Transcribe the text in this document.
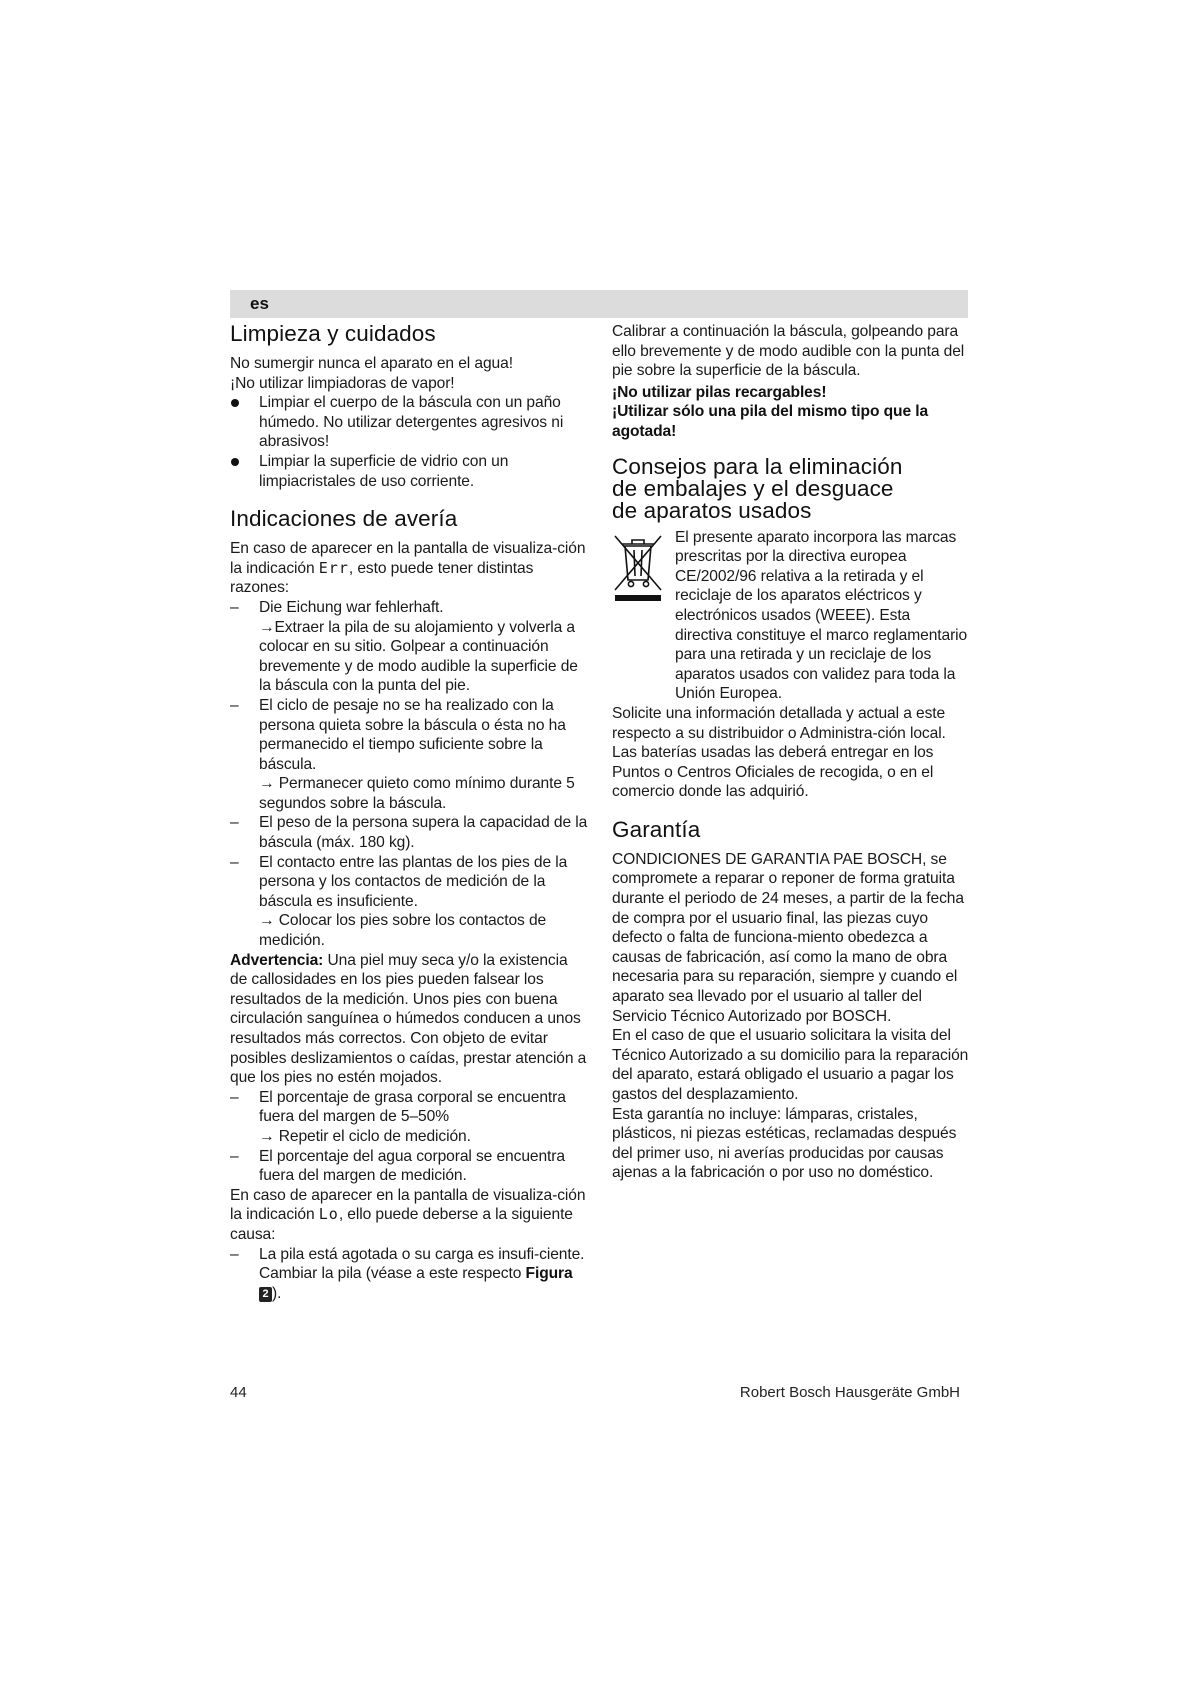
es
Limpieza y cuidados

No sumergir nunca el aparato en el agua!

¡No utilizar limpiadoras de vapor!

Limpiar el cuerpo de la báscula con un paño húmedo. No utilizar detergentes agresivos ni abrasivos!
Limpiar la superficie de vidrio con un limpiacristales de uso corriente.
Indicaciones de avería

En caso de aparecer en la pantalla de visualiza-ción la indicación Err, esto puede tener distintas razones:

– Die Eichung war fehlerhaft.
→Extraer la pila de su alojamiento y volverla a colocar en su sitio. Golpear a continuación brevemente y de modo audible la superficie de la báscula con la punta del pie.
– El ciclo de pesaje no se ha realizado con la persona quieta sobre la báscula o ésta no ha permanecido el tiempo suficiente sobre la báscula.
→ Permanecer quieto como mínimo durante 5 segundos sobre la báscula.
– El peso de la persona supera la capacidad de la báscula (máx. 180 kg).
– El contacto entre las plantas de los pies de la persona y los contactos de medición de la báscula es insuficiente.
→ Colocar los pies sobre los contactos de medición.

Advertencia: Una piel muy seca y/o la existencia de callosidades en los pies pueden falsear los resultados de la medición. Unos pies con buena circulación sanguínea o húmedos conducen a unos resultados más correctos. Con objeto de evitar posibles deslizamientos o caídas, prestar atención a que los pies no estén mojados.

– El porcentaje de grasa corporal se encuentra fuera del margen de 5–50%
→ Repetir el ciclo de medición.
– El porcentaje del agua corporal se encuentra fuera del margen de medición.

En caso de aparecer en la pantalla de visualiza-ción la indicación Lo, ello puede deberse a la siguiente causa:

– La pila está agotada o su carga es insufi-ciente. Cambiar la pila (véase a este respecto Figura 2 ).

Calibrar a continuación la báscula, golpeando para ello brevemente y de modo audible con la punta del pie sobre la superficie de la báscula.

¡No utilizar pilas recargables!

¡Utilizar sólo una pila del mismo tipo que la agotada!

Consejos para la eliminación
de embalajes y el desguace
de aparatos usados

El presente aparato incorpora las marcas prescritas por la directiva europea CE/2002/96 relativa a la retirada y el reciclaje de los aparatos eléctricos y electrónicos usados (WEEE). Esta directiva constituye el marco reglamentario para una retirada y un reciclaje de los aparatos usados con validez para toda la Unión Europea.

Solicite una información detallada y actual a este respecto a su distribuidor o Administra-ción local. Las baterías usadas las deberá entregar en los Puntos o Centros Oficiales de recogida, o en el comercio donde las adquirió.

Garantía

CONDICIONES DE GARANTIA PAE BOSCH, se compromete a reparar o reponer de forma gratuita durante el periodo de 24 meses, a partir de la fecha de compra por el usuario final, las piezas cuyo defecto o falta de funciona-miento obedezca a causas de fabricación, así como la mano de obra necesaria para su reparación, siempre y cuando el aparato sea llevado por el usuario al taller del Servicio Técnico Autorizado por BOSCH.

En el caso de que el usuario solicitara la visita del Técnico Autorizado a su domicilio para la reparación del aparato, estará obligado el usuario a pagar los gastos del desplazamiento.

Esta garantía no incluye: lámparas, cristales, plásticos, ni piezas estéticas, reclamadas después del primer uso, ni averías producidas por causas ajenas a la fabricación o por uso no doméstico.

44	Robert Bosch Hausgeräte GmbH
